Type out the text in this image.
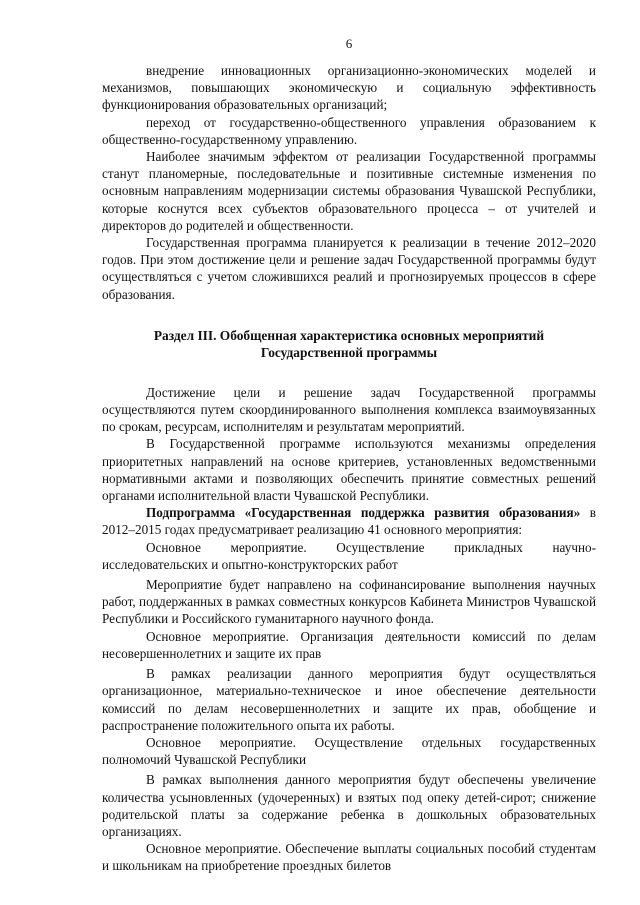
6

внедрение инновационных организационно-экономических моделей и механизмов, повышающих экономическую и социальную эффективность функционирования образовательных организаций;

переход от государственно-общественного управления образованием к общественно-государственному управлению.

Наиболее значимым эффектом от реализации Государственной программы станут планомерные, последовательные и позитивные системные изменения по основным направлениям модернизации системы образования Чувашской Республики, которые коснутся всех субъектов образовательного процесса – от учителей и директоров до родителей и общественности.

Государственная программа планируется к реализации в течение 2012–2020 годов. При этом достижение цели и решение задач Государственной программы будут осуществляться с учетом сложившихся реалий и прогнозируемых процессов в сфере образования.

Раздел III. Обобщенная характеристика основных мероприятий
Государственной программы

Достижение цели и решение задач Государственной программы осуществляются путем скоординированного выполнения комплекса взаимоувязанных по срокам, ресурсам, исполнителям и результатам мероприятий.

В Государственной программе используются механизмы определения приоритетных направлений на основе критериев, установленных ведомственными нормативными актами и позволяющих обеспечить принятие совместных решений органами исполнительной власти Чувашской Республики.

Подпрограмма «Государственная поддержка развития образования» в 2012–2015 годах предусматривает реализацию 41 основного мероприятия:

Основное мероприятие. Осуществление прикладных научно-исследовательских и опытно-конструкторских работ

Мероприятие будет направлено на софинансирование выполнения научных работ, поддержанных в рамках совместных конкурсов Кабинета Министров Чувашской Республики и Российского гуманитарного научного фонда.

Основное мероприятие. Организация деятельности комиссий по делам несовершеннолетних и защите их прав

В рамках реализации данного мероприятия будут осуществляться организационное, материально-техническое и иное обеспечение деятельности комиссий по делам несовершеннолетних и защите их прав, обобщение и распространение положительного опыта их работы.

Основное мероприятие. Осуществление отдельных государственных полномочий Чувашской Республики

В рамках выполнения данного мероприятия будут обеспечены увеличение количества усыновленных (удочеренных) и взятых под опеку детей-сирот; снижение родительской платы за содержание ребенка в дошкольных образовательных организациях.

Основное мероприятие. Обеспечение выплаты социальных пособий студентам и школьникам на приобретение проездных билетов
